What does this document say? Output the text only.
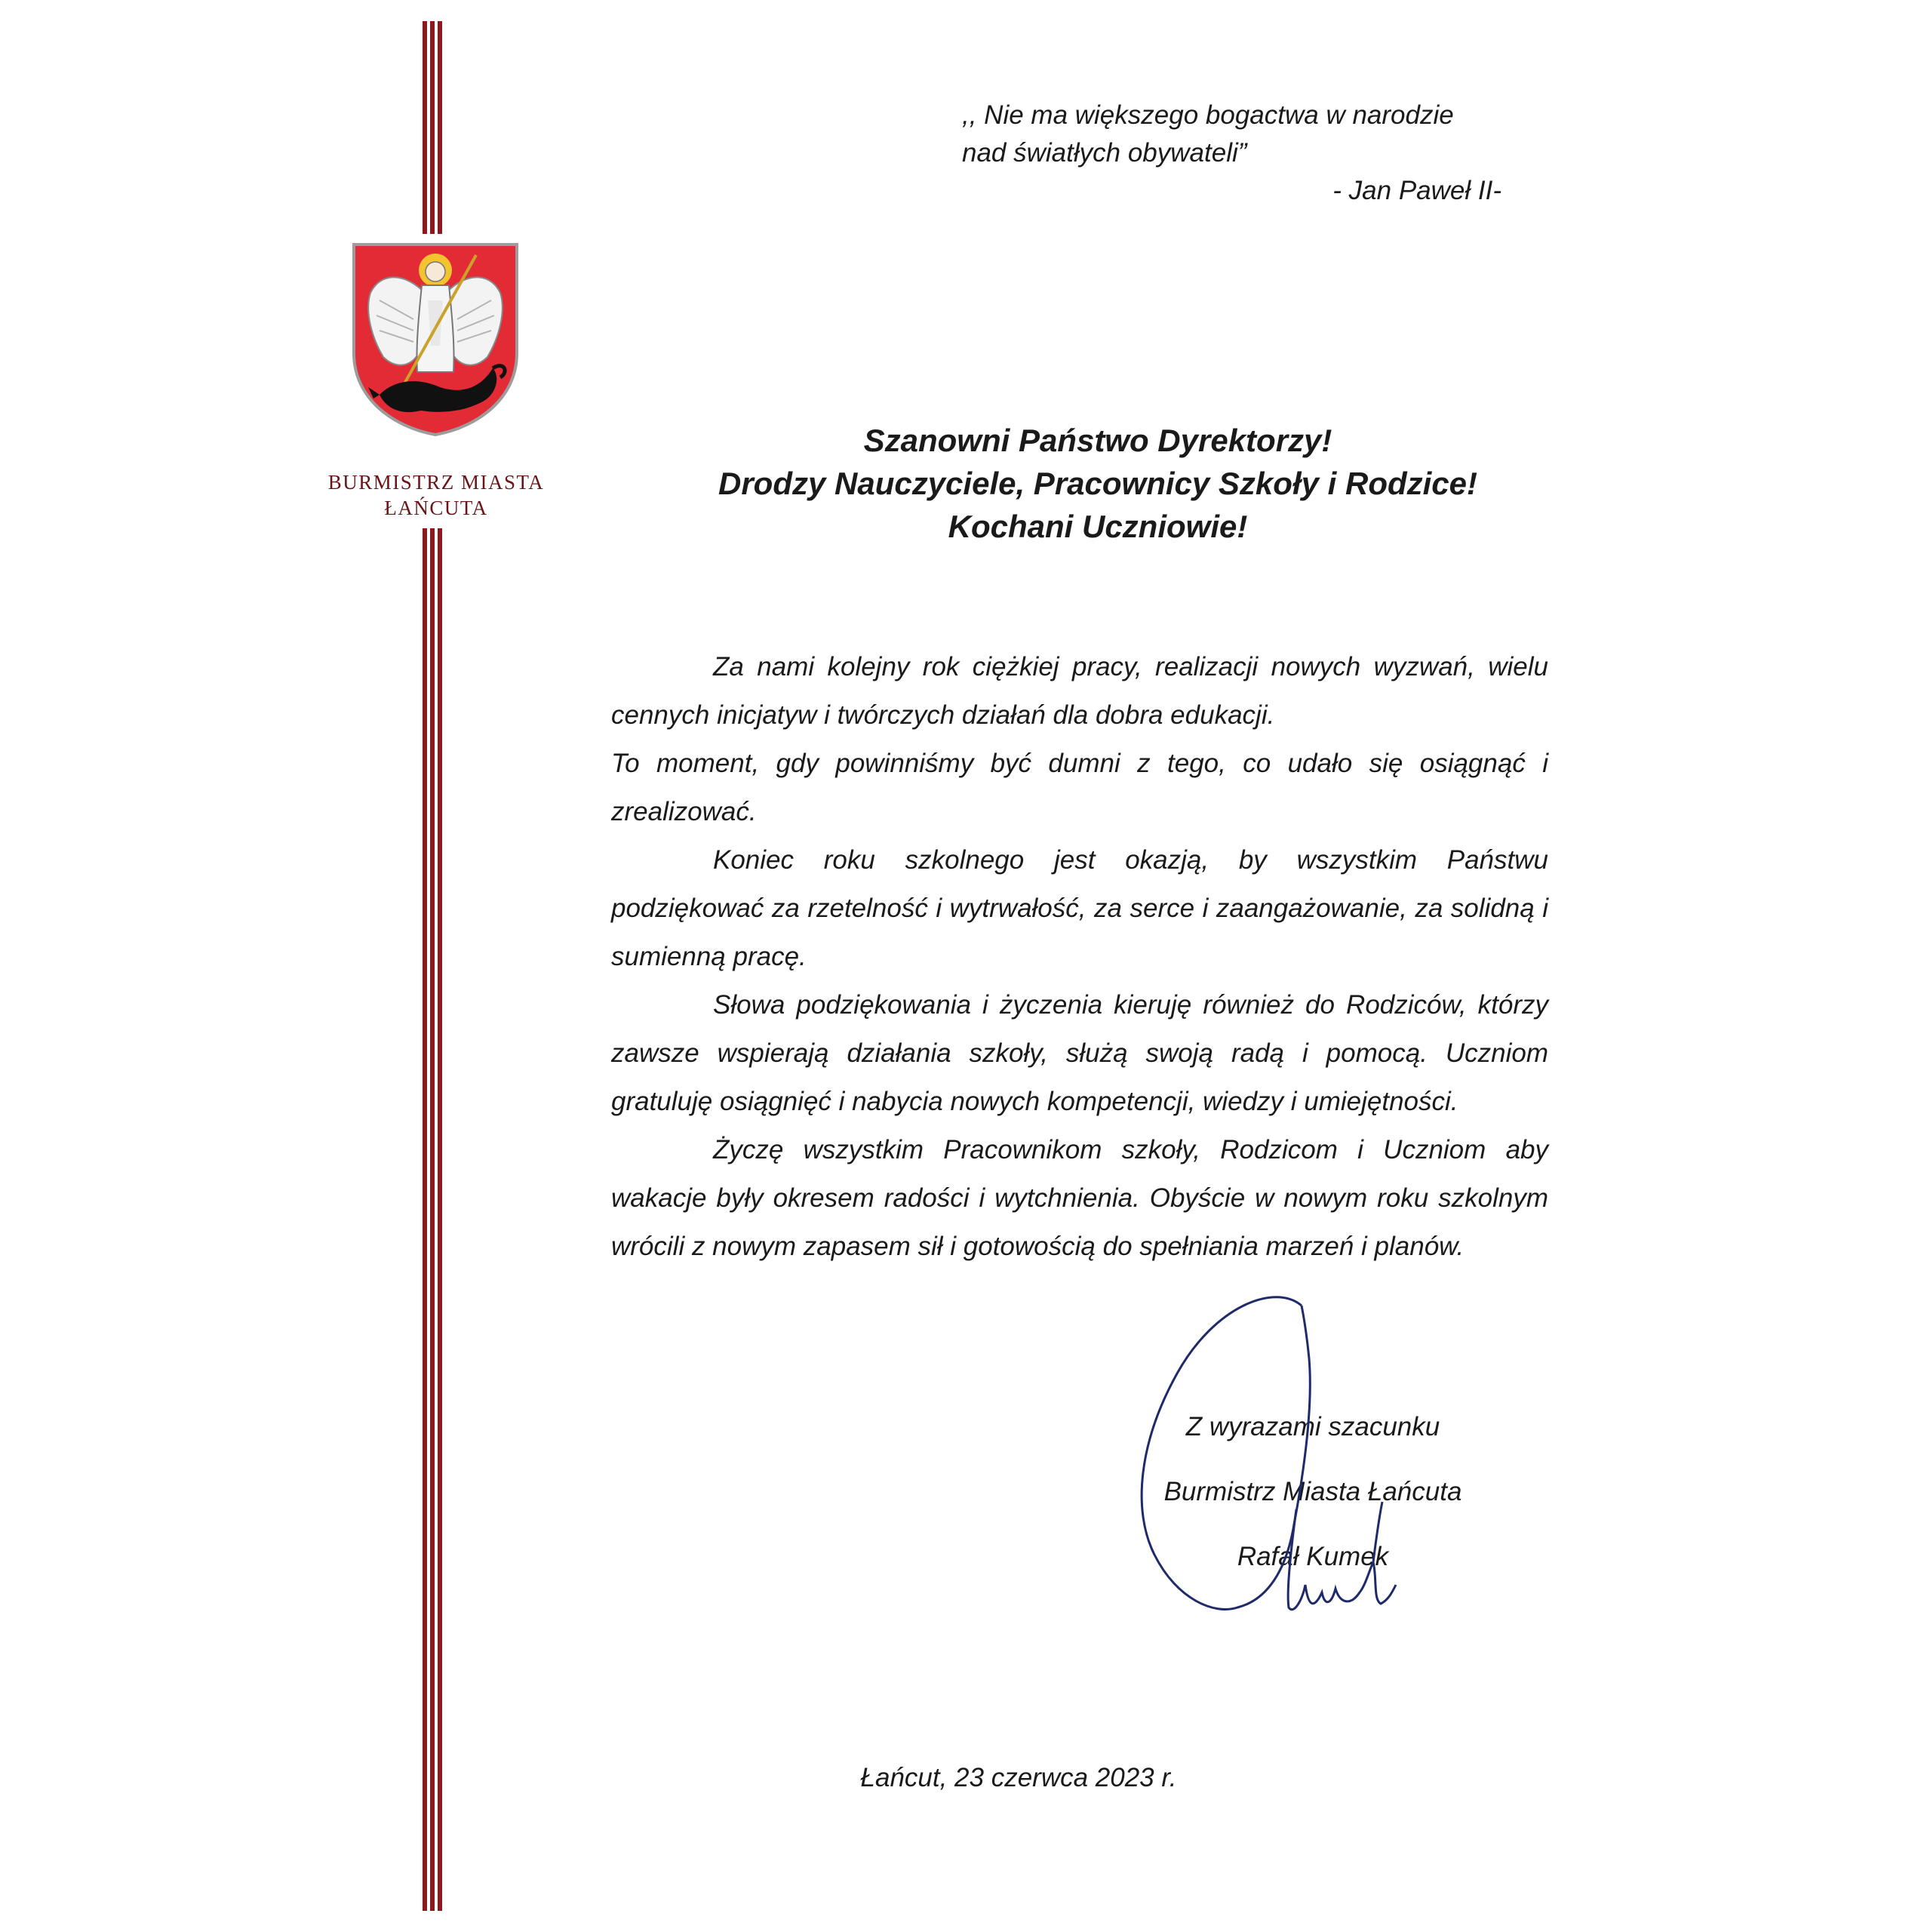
BURMISTRZ MIASTA
ŁAŃCUTA
,, Nie ma większego bogactwa w narodzie
nad światłych obywateli”
- Jan Paweł II-
Szanowni Państwo Dyrektorzy!
Drodzy Nauczyciele, Pracownicy Szkoły i Rodzice!
Kochani Uczniowie!

Za nami kolejny rok ciężkiej pracy, realizacji nowych wyzwań, wielu cennych inicjatyw i twórczych działań dla dobra edukacji.

To moment, gdy powinniśmy być dumni z tego, co udało się osiągnąć i zrealizować.

Koniec roku szkolnego jest okazją, by wszystkim Państwu podziękować za rzetelność i wytrwałość, za serce i zaangażowanie, za solidną i sumienną pracę.

Słowa podziękowania i życzenia kieruję również do Rodziców, którzy zawsze wspierają działania szkoły, służą swoją radą i pomocą. Uczniom gratuluję osiągnięć i nabycia nowych kompetencji, wiedzy i umiejętności.

Życzę wszystkim Pracownikom szkoły, Rodzicom i Uczniom aby wakacje były okresem radości i wytchnienia. Obyście w nowym roku szkolnym wrócili z nowym zapasem sił i gotowością do spełniania marzeń i planów.

Z wyrazami szacunku
Burmistrz Miasta Łańcuta
Rafał Kumek
Łańcut, 23 czerwca 2023 r.
